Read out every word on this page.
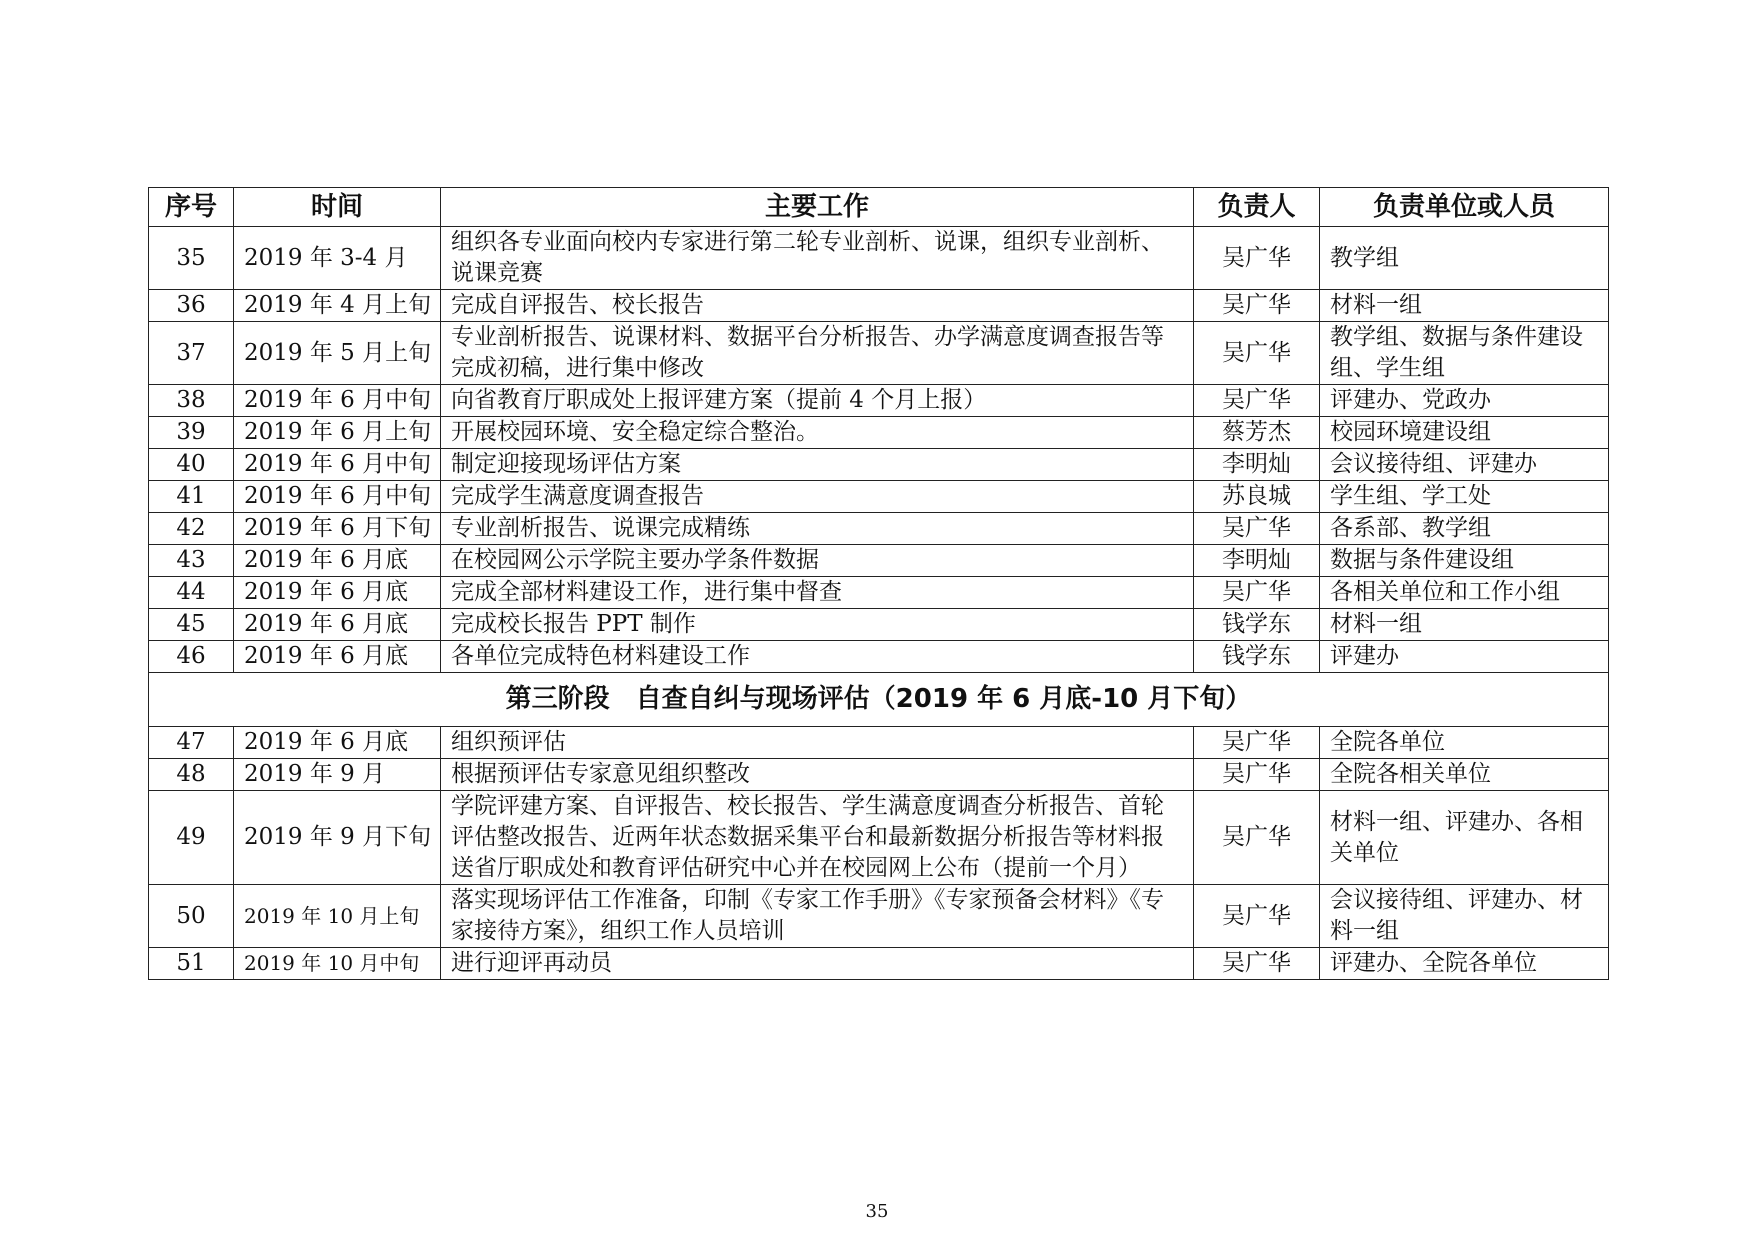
序号	时间	主要工作	负责人	负责单位或人员
35	2019 年 3-4 月	组织各专业面向校内专家进行第二轮专业剖析、说课，组织专业剖析、说课竞赛	吴广华	教学组
36	2019 年 4 月上旬	完成自评报告、校长报告	吴广华	材料一组
37	2019 年 5 月上旬	专业剖析报告、说课材料、数据平台分析报告、办学满意度调查报告等完成初稿，进行集中修改	吴广华	教学组、数据与条件建设组、学生组
38	2019 年 6 月中旬	向省教育厅职成处上报评建方案（提前 4 个月上报）	吴广华	评建办、党政办
39	2019 年 6 月上旬	开展校园环境、安全稳定综合整治。	蔡芳杰	校园环境建设组
40	2019 年 6 月中旬	制定迎接现场评估方案	李明灿	会议接待组、评建办
41	2019 年 6 月中旬	完成学生满意度调查报告	苏良城	学生组、学工处
42	2019 年 6 月下旬	专业剖析报告、说课完成精练	吴广华	各系部、教学组
43	2019 年 6 月底	在校园网公示学院主要办学条件数据	李明灿	数据与条件建设组
44	2019 年 6 月底	完成全部材料建设工作，进行集中督查	吴广华	各相关单位和工作小组
45	2019 年 6 月底	完成校长报告 PPT 制作	钱学东	材料一组
46	2019 年 6 月底	各单位完成特色材料建设工作	钱学东	评建办
第三阶段　自查自纠与现场评估（2019 年 6 月底-10 月下旬）				
47	2019 年 6 月底	组织预评估	吴广华	全院各单位
48	2019 年 9 月	根据预评估专家意见组织整改	吴广华	全院各相关单位
49	2019 年 9 月下旬	学院评建方案、自评报告、校长报告、学生满意度调查分析报告、首轮评估整改报告、近两年状态数据采集平台和最新数据分析报告等材料报送省厅职成处和教育评估研究中心并在校园网上公布（提前一个月）	吴广华	材料一组、评建办、各相关单位
50	2019 年 10 月上旬	落实现场评估工作准备，印制《专家工作手册》《专家预备会材料》《专家接待方案》，组织工作人员培训	吴广华	会议接待组、评建办、材料一组
51	2019 年 10 月中旬	进行迎评再动员	吴广华	评建办、全院各单位
35
